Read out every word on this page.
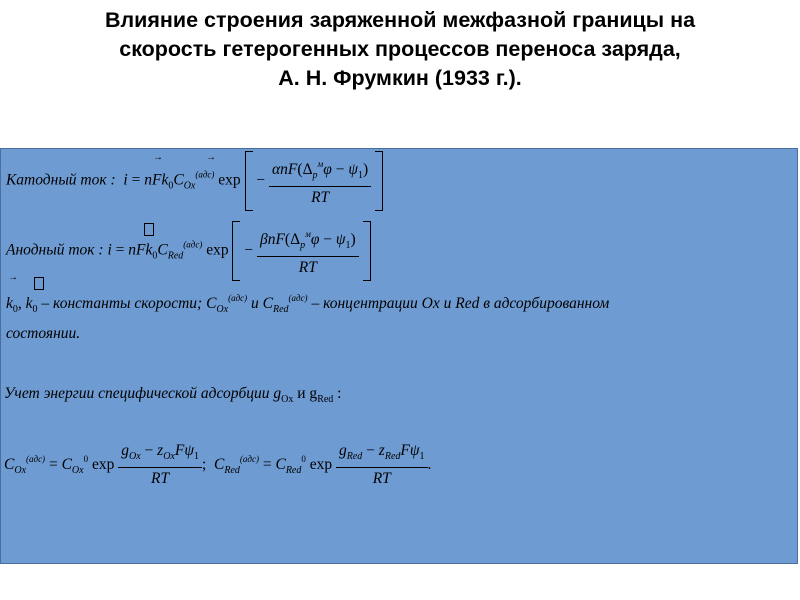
Влияние строения заряженной межфазной границы на
скорость гетерогенных процессов переноса заряда,
А. Н. Фрумкин (1933 г.).
→	→
Катодный ток : $i = nFk_0C_{Ox}^{(адс)}$ $\exp - \frac{\alpha nF(\Delta_p^м\varphi - \psi_1)}{RT}$

Анодный ток : $i = nFk_0C_{Red}^{(адс)}$ $\exp - \frac{\beta nF(\Delta_p^м\varphi - \psi_1)}{RT}$

→
$k_0$, $k_0$ – константы скорости; $C_{Ox}^{(адс)}$ и $C_{Red}^{(адс)}$ – концентрации Ox и Red в адсорбированном
состоянии.
Учет энергии специфической адсорбции $g_{Ox}$ и $g_{Red}$ :
$C_{Ox}^{(адс)} = C_{Ox}^0$ $\exp \frac{g_{Ox} - z_{Ox}F\psi_1}{RT}$ ;  $C_{Red}^{(адс)} = C_{Red}^0$ $\exp \frac{g_{Red} - z_{Red}F\psi_1}{RT}$ .
